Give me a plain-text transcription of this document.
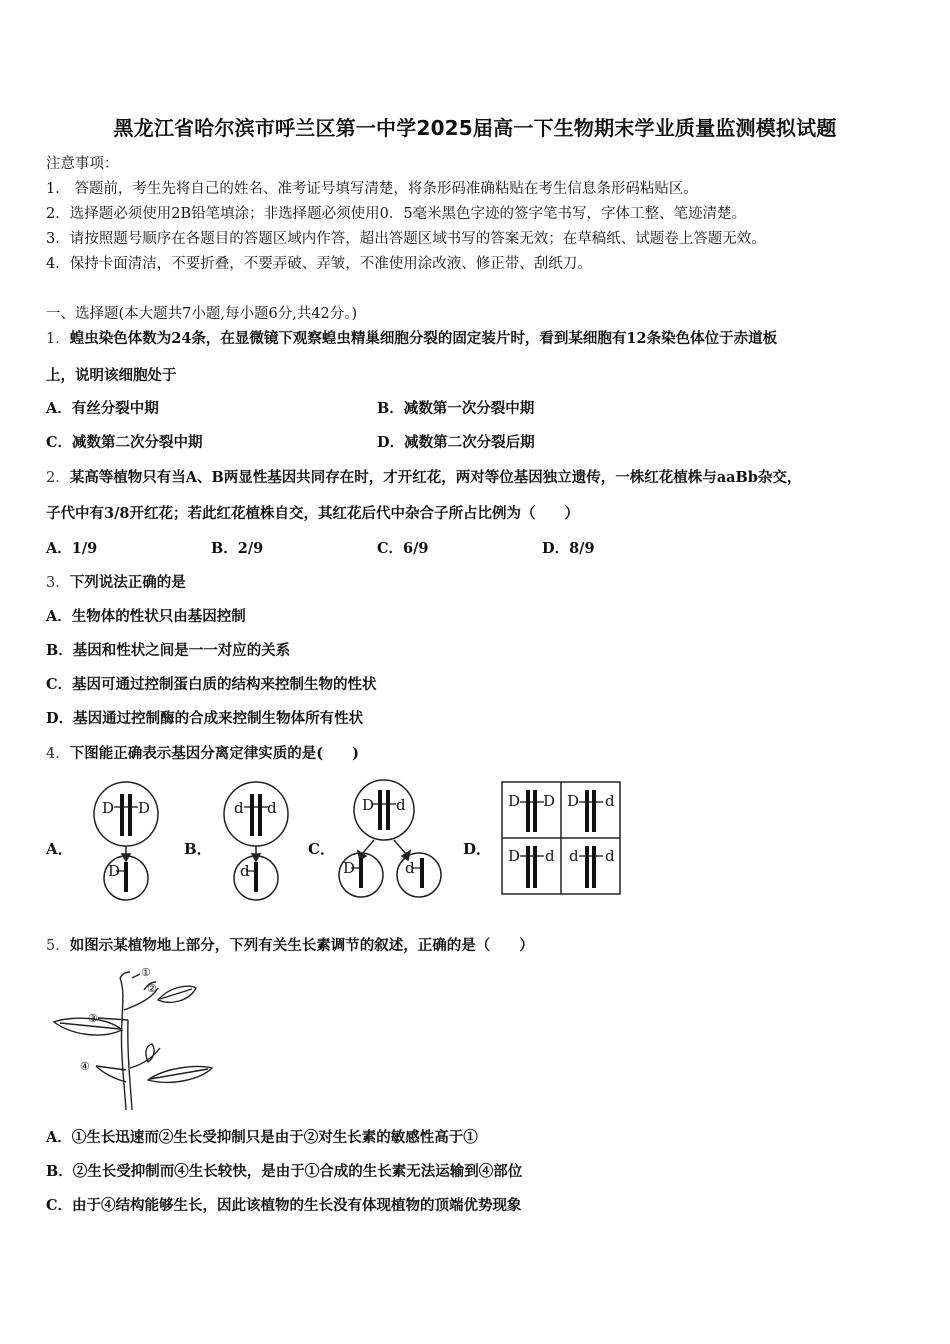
黑龙江省哈尔滨市呼兰区第一中学2025届高一下生物期末学业质量监测模拟试题
注意事项：
1． 答题前，考生先将自己的姓名、准考证号填写清楚，将条形码准确粘贴在考生信息条形码粘贴区。
2．选择题必须使用2B铅笔填涂；非选择题必须使用0．5毫米黑色字迹的签字笔书写，字体工整、笔迹清楚。
3．请按照题号顺序在各题目的答题区域内作答，超出答题区域书写的答案无效；在草稿纸、试题卷上答题无效。
4．保持卡面清洁，不要折叠，不要弄破、弄皱，不准使用涂改液、修正带、刮纸刀。
一、选择题(本大题共7小题,每小题6分,共42分。)
1．蝗虫染色体数为24条，在显微镜下观察蝗虫精巢细胞分裂的固定装片时，看到某细胞有12条染色体位于赤道板
上，说明该细胞处于
A．有丝分裂中期	B．减数第一次分裂中期
C．减数第二次分裂中期	D．减数第二次分裂后期
2．某高等植物只有当A、B两显性基因共同存在时，才开红花，两对等位基因独立遗传，一株红花植株与aaBb杂交，
子代中有3/8开红花；若此红花植株自交，其红花后代中杂合子所占比例为（　　）
A．1/9	B．2/9	C．6/9	D．8/9
3．下列说法正确的是
A．生物体的性状只由基因控制
B．基因和性状之间是一一对应的关系
C．基因可通过控制蛋白质的结构来控制生物的性状
D．基因通过控制酶的合成来控制生物体所有性状
4．下图能正确表示基因分离定律实质的是(　　)
A．	B．	C．	D．
D D
D
d d
d
D d
D	d
D D D d
D d d d
5．如图示某植物地上部分，下列有关生长素调节的叙述，正确的是（　　）
①
②
③
④
A．①生长迅速而②生长受抑制只是由于②对生长素的敏感性高于①
B．②生长受抑制而④生长较快，是由于①合成的生长素无法运输到④部位
C．由于④结构能够生长，因此该植物的生长没有体现植物的顶端优势现象
